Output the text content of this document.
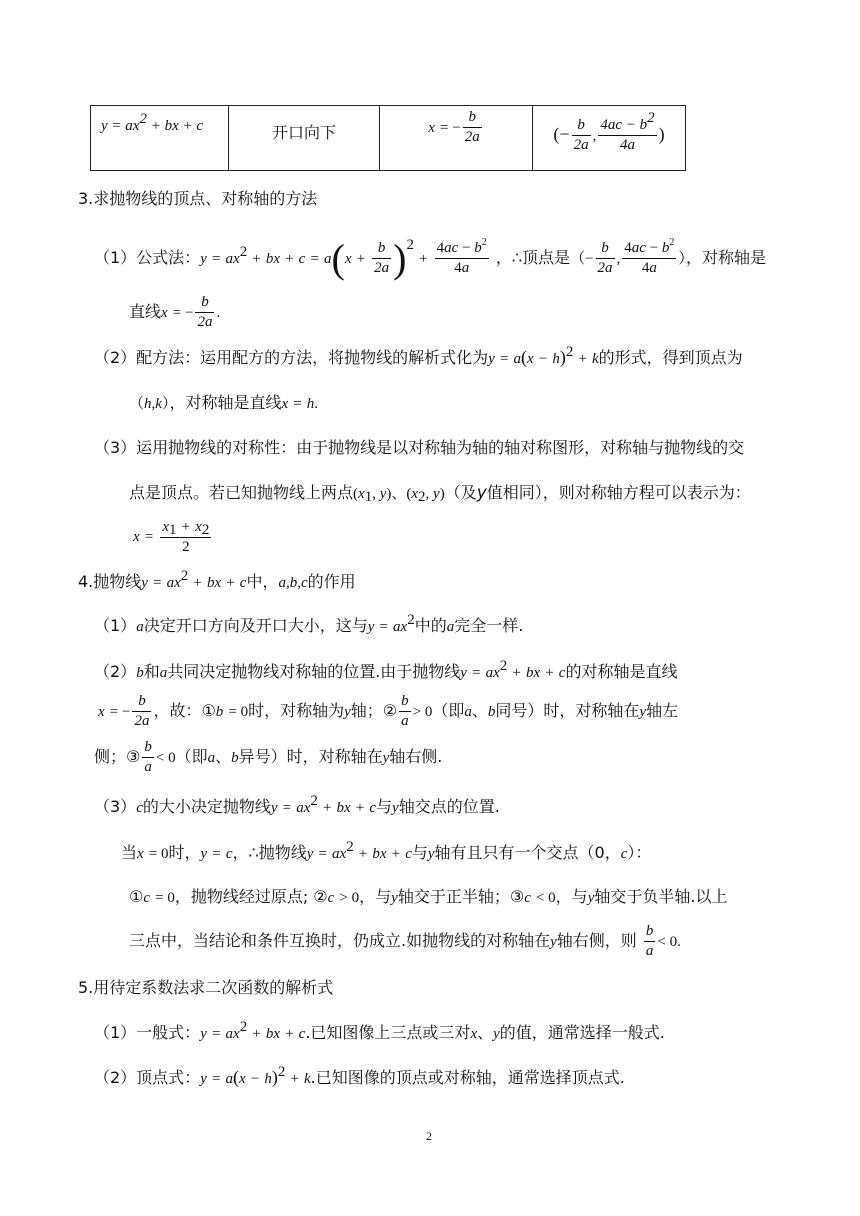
$y = ax^2$ + bx + c	开口向下	x = − $\frac{b}{2a}$	(− $\frac{b}{2a}$ , $\frac{4ac - b^2}{4a}$ )
3.求抛物线的顶点、对称轴的方法
（1）公式法：$y = ax^2$ + bx + $c = a(x + \frac{b}{2a} )^2 + \frac{4ac - b^2}{4a}$ ，∴顶点是（− $\frac{b}{2a}$ , $\frac{4ac - b^2}{4a}$ ），对称轴是
直线x = − $\frac{b}{2a}$ .
（2）配方法：运用配方的方法，将抛物线的解析式化为$y = a(x - h)^2 + k$的形式，得到顶点为
（h,k），对称轴是直线x = h.
（3）运用抛物线的对称性：由于抛物线是以对称轴为轴的轴对称图形，对称轴与抛物线的交
点是顶点。若已知抛物线上两点($x_1$, y)、($x_2$, y)（及y值相同），则对称轴方程可以表示为：
$x = \frac{x_1 + x_2}{2}$
4.抛物线$y = ax^2$ + bx + c中，a,b,c的作用
（1）a决定开口方向及开口大小，这与$y = ax^2$中的a完全一样.
（2）b和a共同决定抛物线对称轴的位置.由于抛物线$y = ax^2$ + bx + c的对称轴是直线
x = − $\frac{b}{2a}$ ，故：①b = 0时，对称轴为y轴；② $\frac{b}{a} > 0$（即a、b同号）时，对称轴在y轴左
侧；③ $\frac{b}{a} < 0$（即a、b异号）时，对称轴在y轴右侧.
（3）c的大小决定抛物线$y = ax^2$ + bx + c与y轴交点的位置.
当x = 0时，y = c，∴抛物线$y = ax^2$ + bx + c与y轴有且只有一个交点（0，c）：
①c = 0，抛物线经过原点; ②c > 0，与y轴交于正半轴；③c < 0，与y轴交于负半轴.以上
三点中，当结论和条件互换时，仍成立.如抛物线的对称轴在y轴右侧，则 $\frac{b}{a} < 0$.
5.用待定系数法求二次函数的解析式
（1）一般式：$y = ax^2$ + bx + c.已知图像上三点或三对x、y的值，通常选择一般式.
（2）顶点式：$y = a(x - h)^2 + k$.已知图像的顶点或对称轴，通常选择顶点式.
2
